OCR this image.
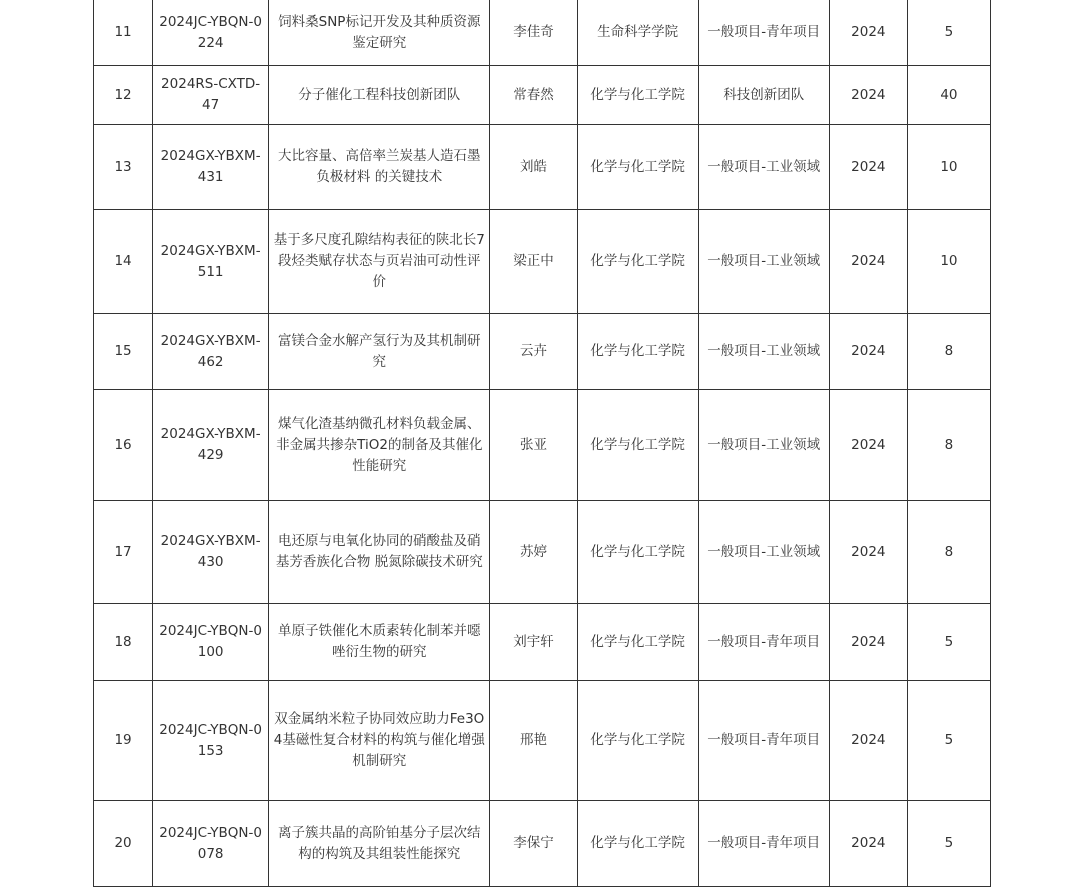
11	2024JC-YBQN-0224	饲料桑SNP标记开发及其种质资源鉴定研究	李佳奇	生命科学学院	一般项目-青年项目	2024	5
12	2024RS-CXTD-47	分子催化工程科技创新团队	常春然	化学与化工学院	科技创新团队	2024	40
13	2024GX-YBXM-431	大比容量、高倍率兰炭基人造石墨负极材料 的关键技术	刘皓	化学与化工学院	一般项目-工业领域	2024	10
14	2024GX-YBXM-511	基于多尺度孔隙结构表征的陕北长7段烃类赋存状态与页岩油可动性评价	梁正中	化学与化工学院	一般项目-工业领域	2024	10
15	2024GX-YBXM-462	富镁合金水解产氢行为及其机制研究	云卉	化学与化工学院	一般项目-工业领域	2024	8
16	2024GX-YBXM-429	煤气化渣基纳微孔材料负载金属、非金属共掺杂TiO2的制备及其催化性能研究	张亚	化学与化工学院	一般项目-工业领域	2024	8
17	2024GX-YBXM-430	电还原与电氧化协同的硝酸盐及硝基芳香族化合物 脱氮除碳技术研究	苏婷	化学与化工学院	一般项目-工业领域	2024	8
18	2024JC-YBQN-0100	单原子铁催化木质素转化制苯并噁唑衍生物的研究	刘宇轩	化学与化工学院	一般项目-青年项目	2024	5
19	2024JC-YBQN-0153	双金属纳米粒子协同效应助力Fe3O4基磁性复合材料的构筑与催化增强机制研究	邢艳	化学与化工学院	一般项目-青年项目	2024	5
20	2024JC-YBQN-0078	离子簇共晶的高阶铂基分子层次结构的构筑及其组装性能探究	李保宁	化学与化工学院	一般项目-青年项目	2024	5
